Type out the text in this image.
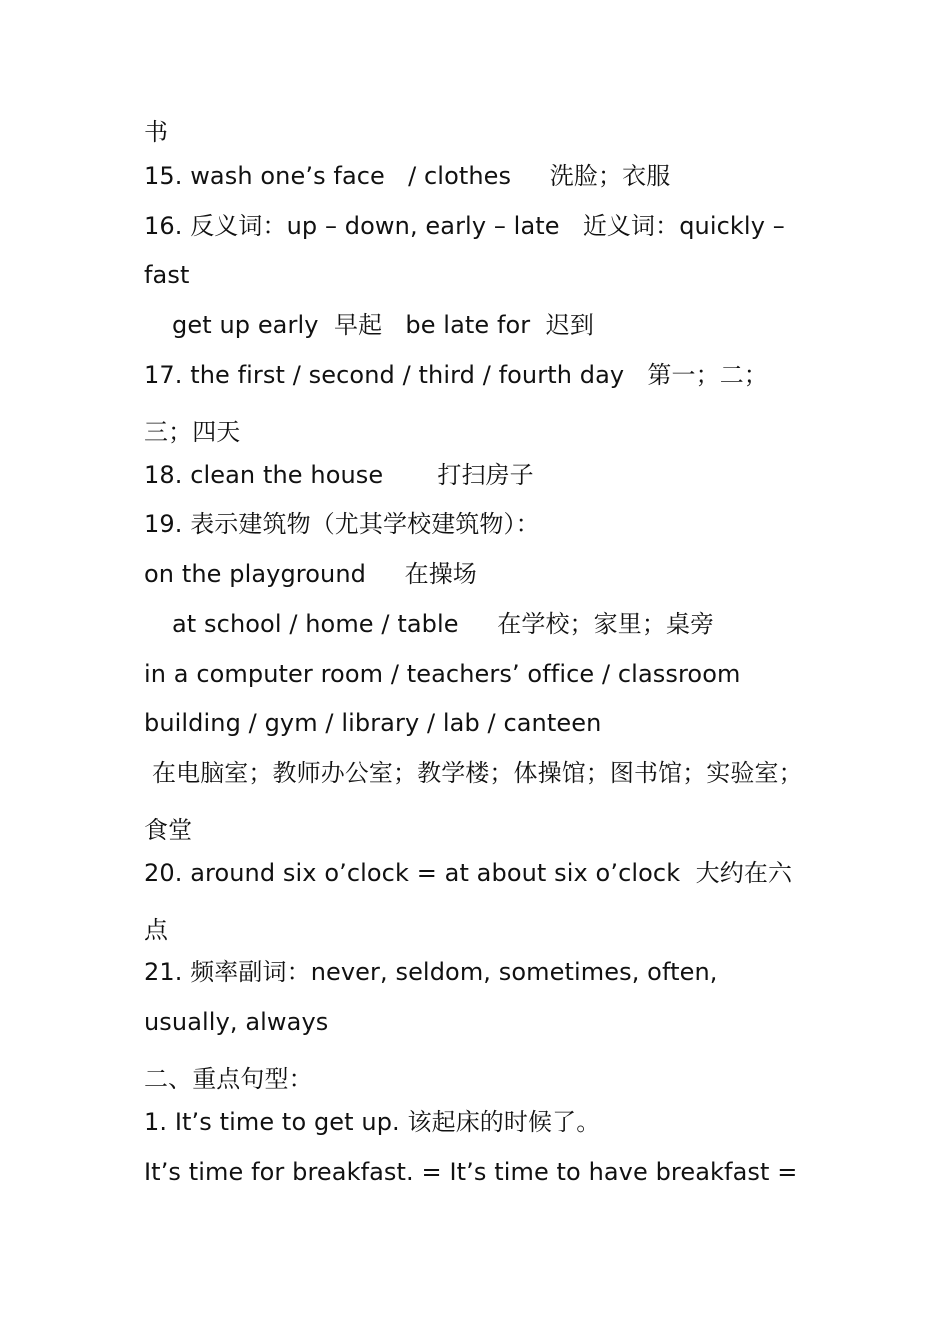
书
15. wash one’s face   / clothes     洗脸；衣服
16. 反义词：up – down, early – late   近义词：quickly –
fast
get up early  早起   be late for  迟到
17. the first / second / third / fourth day   第一；二；
三；四天
18. clean the house       打扫房子
19. 表示建筑物（尤其学校建筑物）：
on the playground     在操场
at school / home / table     在学校；家里；桌旁
in a computer room / teachers’ office / classroom
building / gym / library / lab / canteen
在电脑室；教师办公室；教学楼；体操馆；图书馆；实验室；
食堂
20. around six o’clock = at about six o’clock  大约在六
点
21. 频率副词：never, seldom, sometimes, often,
usually, always
二、重点句型：
1. It’s time to get up. 该起床的时候了。
It’s time for breakfast. = It’s time to have breakfast =
